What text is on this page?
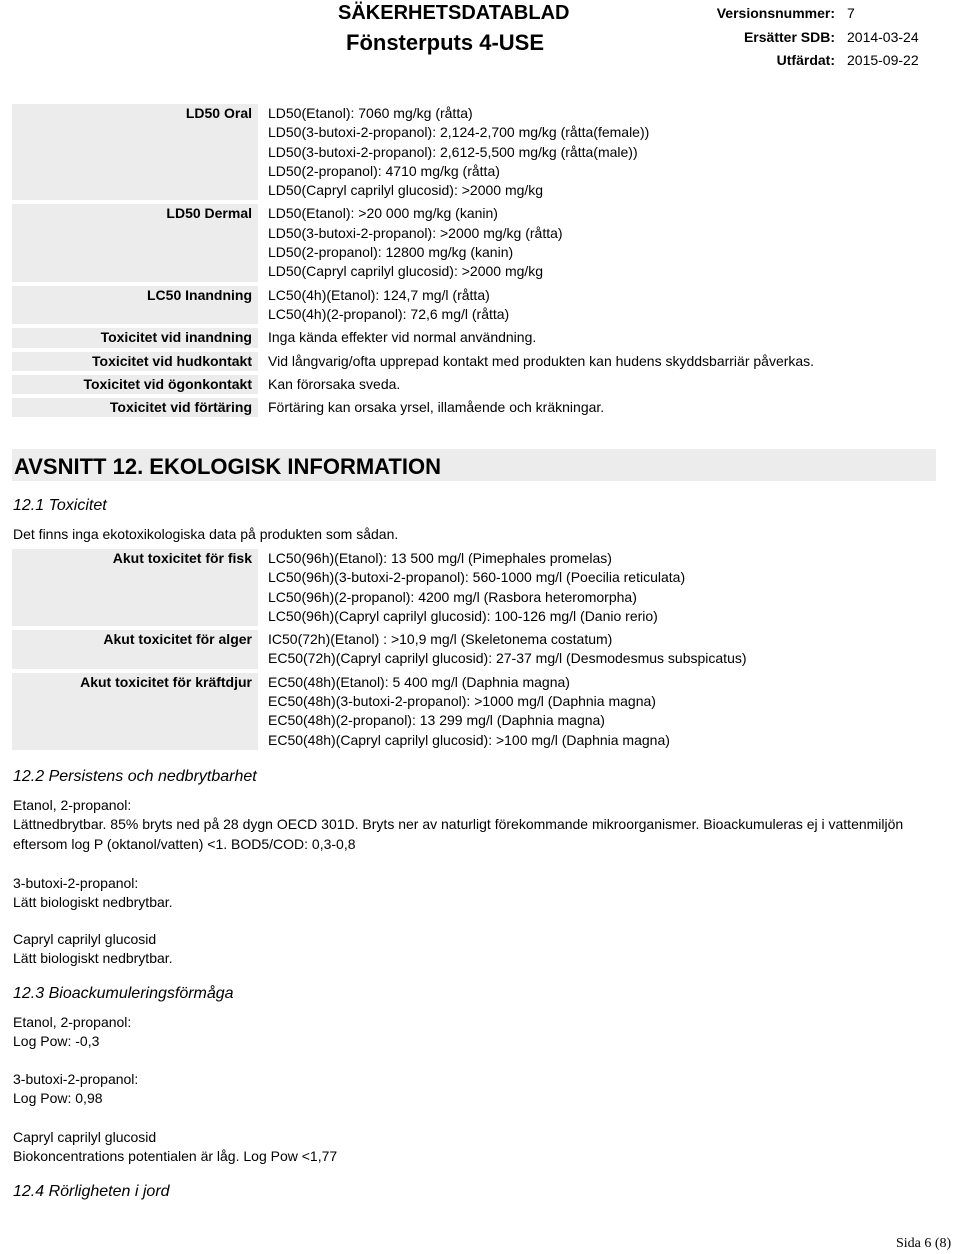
SÄKERHETSDATABLAD
Fönsterputs 4-USE
Versionsnummer: 7
Ersätter SDB: 2014-03-24
Utfärdat: 2015-09-22
LD50 Oral	LD50(Etanol): 7060 mg/kg (råtta)
LD50(3-butoxi-2-propanol): 2,124-2,700 mg/kg (råtta(female))
LD50(3-butoxi-2-propanol): 2,612-5,500 mg/kg (råtta(male))
LD50(2-propanol): 4710 mg/kg (råtta)
LD50(Capryl caprilyl glucosid): >2000 mg/kg
LD50 Dermal	LD50(Etanol): >20 000 mg/kg (kanin)
LD50(3-butoxi-2-propanol): >2000 mg/kg (råtta)
LD50(2-propanol): 12800 mg/kg (kanin)
LD50(Capryl caprilyl glucosid): >2000 mg/kg
LC50 Inandning	LC50(4h)(Etanol): 124,7 mg/l (råtta)
LC50(4h)(2-propanol): 72,6 mg/l (råtta)
Toxicitet vid inandning	Inga kända effekter vid normal användning.
Toxicitet vid hudkontakt	Vid långvarig/ofta upprepad kontakt med produkten kan hudens skyddsbarriär påverkas.
Toxicitet vid ögonkontakt	Kan förorsaka sveda.
Toxicitet vid förtäring	Förtäring kan orsaka yrsel, illamående och kräkningar.
AVSNITT 12. EKOLOGISK INFORMATION
12.1 Toxicitet
Det finns inga ekotoxikologiska data på produkten som sådan.
Akut toxicitet för fisk	LC50(96h)(Etanol): 13 500 mg/l (Pimephales promelas)
LC50(96h)(3-butoxi-2-propanol): 560-1000 mg/l (Poecilia reticulata)
LC50(96h)(2-propanol): 4200 mg/l (Rasbora heteromorpha)
LC50(96h)(Capryl caprilyl glucosid): 100-126 mg/l (Danio rerio)
Akut toxicitet för alger	IC50(72h)(Etanol) : >10,9 mg/l (Skeletonema costatum)
EC50(72h)(Capryl caprilyl glucosid): 27-37 mg/l (Desmodesmus subspicatus)
Akut toxicitet för kräftdjur	EC50(48h)(Etanol): 5 400 mg/l (Daphnia magna)
EC50(48h)(3-butoxi-2-propanol): >1000 mg/l (Daphnia magna)
EC50(48h)(2-propanol): 13 299 mg/l (Daphnia magna)
EC50(48h)(Capryl caprilyl glucosid): >100 mg/l (Daphnia magna)
12.2 Persistens och nedbrytbarhet
Etanol, 2-propanol:
Lättnedbrytbar. 85% bryts ned på 28 dygn OECD 301D. Bryts ner av naturligt förekommande mikroorganismer. Bioackumuleras ej i vattenmiljön eftersom log P (oktanol/vatten) <1. BOD5/COD: 0,3-0,8
3-butoxi-2-propanol:
Lätt biologiskt nedbrytbar.
Capryl caprilyl glucosid
Lätt biologiskt nedbrytbar.
12.3 Bioackumuleringsförmåga
Etanol, 2-propanol:
Log Pow: -0,3
3-butoxi-2-propanol:
Log Pow: 0,98
Capryl caprilyl glucosid
Biokoncentrations potentialen är låg. Log Pow <1,77
12.4 Rörligheten i jord
Sida 6 (8)
